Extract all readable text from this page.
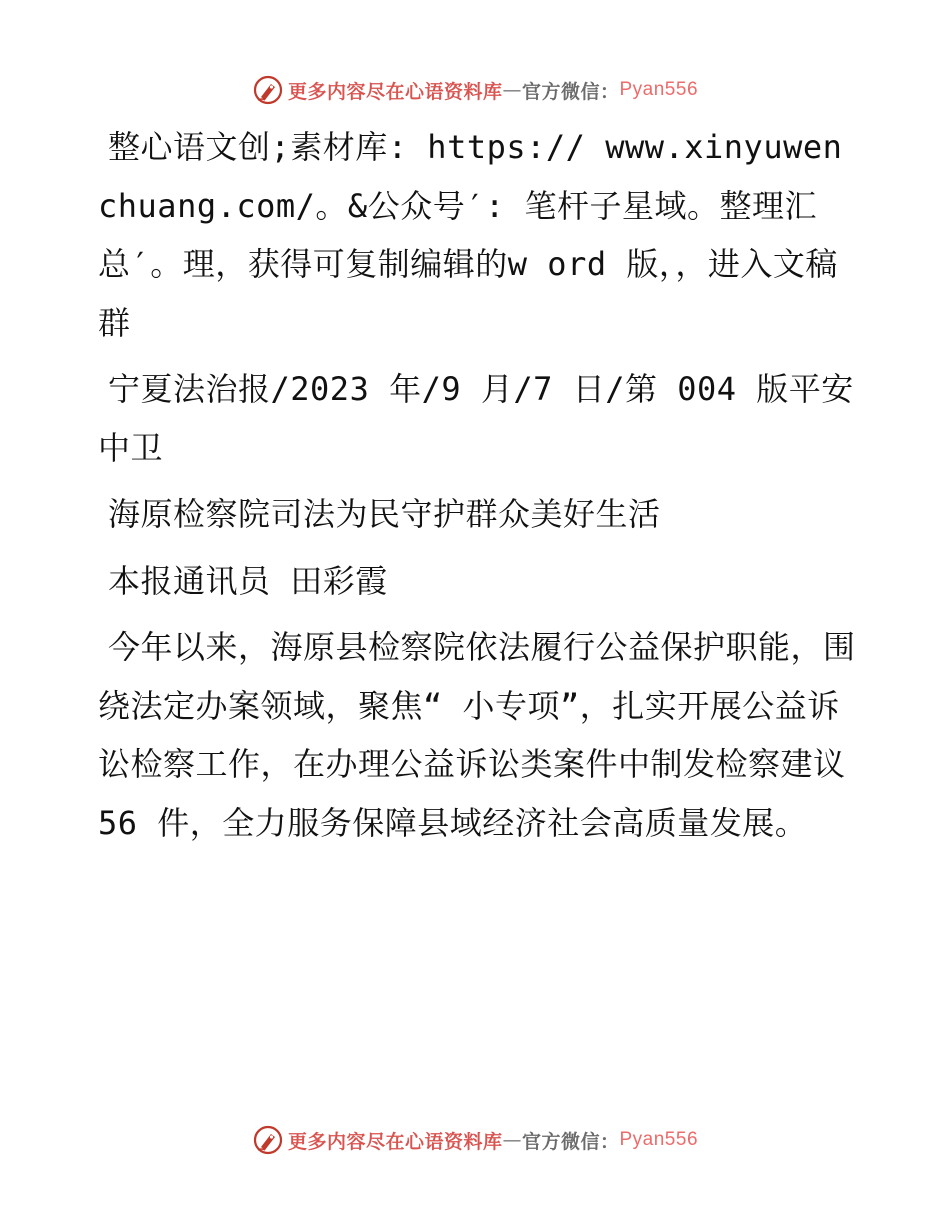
更多内容尽在心语资料库 — 官方微信： Pyan556

整心语文创;素材库: https:// www.xinyuwenchuang.com/。&公众号′: 笔杆子星域。整理汇总′。理，获得可复制编辑的w ord 版，，进入文稿群

宁夏法治报/2023 年/9 月/7 日/第 004 版平安中卫

海原检察院司法为民守护群众美好生活

本报通讯员 田彩霞

今年以来，海原县检察院依法履行公益保护职能，围绕法定办案领域，聚焦“ 小专项”，扎实开展公益诉讼检察工作，在办理公益诉讼类案件中制发检察建议 56 件，全力服务保障县域经济社会高质量发展。

更多内容尽在心语资料库 — 官方微信： Pyan556
